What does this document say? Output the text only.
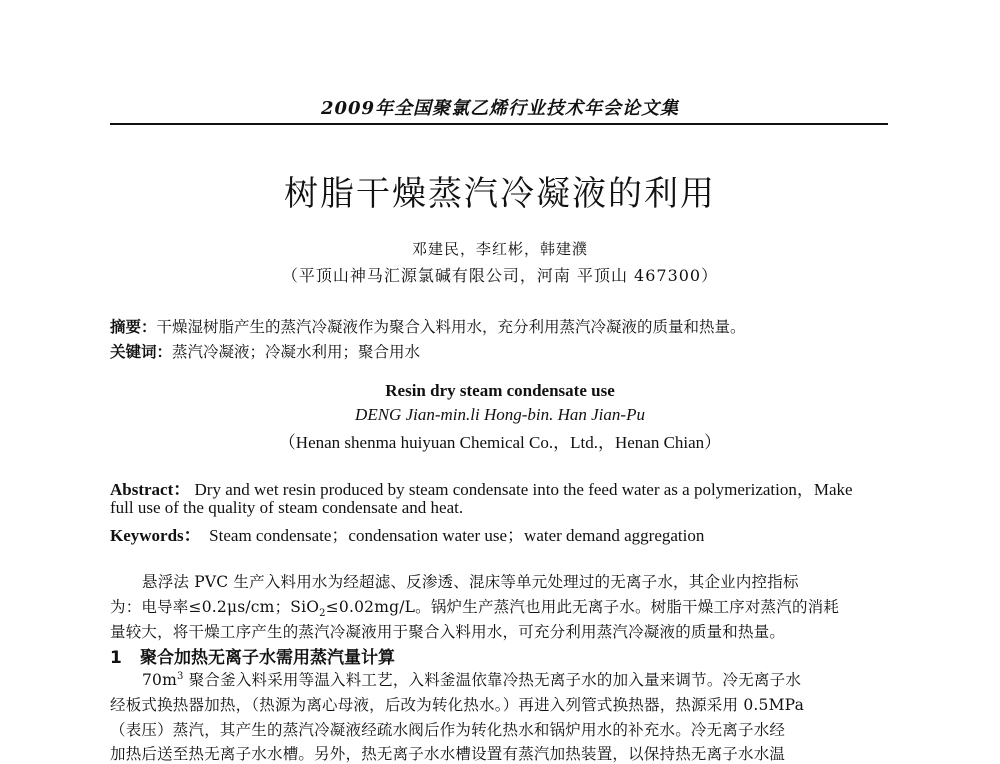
2009年全国聚氯乙烯行业技术年会论文集
树脂干燥蒸汽冷凝液的利用
邓建民，李红彬，韩建濮
（平顶山神马汇源氯碱有限公司，河南 平顶山 467300）
摘要：干燥湿树脂产生的蒸汽冷凝液作为聚合入料用水，充分利用蒸汽冷凝液的质量和热量。
关键词：蒸汽冷凝液；冷凝水利用；聚合用水
Resin dry steam condensate use
DENG Jian-min.li Hong-bin. Han Jian-Pu
（Henan shenma huiyuan Chemical Co.，Ltd.，Henan Chian）
Abstract： Dry and wet resin produced by steam condensate into the feed water as a polymerization，Make
full use of the quality of steam condensate and heat.
Keywords： Steam condensate；condensation water use；water demand aggregation
悬浮法 PVC 生产入料用水为经超滤、反渗透、混床等单元处理过的无离子水，其企业内控指标
为：电导率≤0.2μs/cm；SiO$_2$≤0.02mg/L。锅炉生产蒸汽也用此无离子水。树脂干燥工序对蒸汽的消耗
量较大，将干燥工序产生的蒸汽冷凝液用于聚合入料用水，可充分利用蒸汽冷凝液的质量和热量。
1 聚合加热无离子水需用蒸汽量计算
$70m^3$ 聚合釜入料采用等温入料工艺，入料釜温依靠冷热无离子水的加入量来调节。冷无离子水
经板式换热器加热，（热源为离心母液，后改为转化热水。）再进入列管式换热器，热源采用 0.5MPa
（表压）蒸汽，其产生的蒸汽冷凝液经疏水阀后作为转化热水和锅炉用水的补充水。冷无离子水经
加热后送至热无离子水水槽。另外，热无离子水水槽设置有蒸汽加热装置，以保持热无离子水水温
